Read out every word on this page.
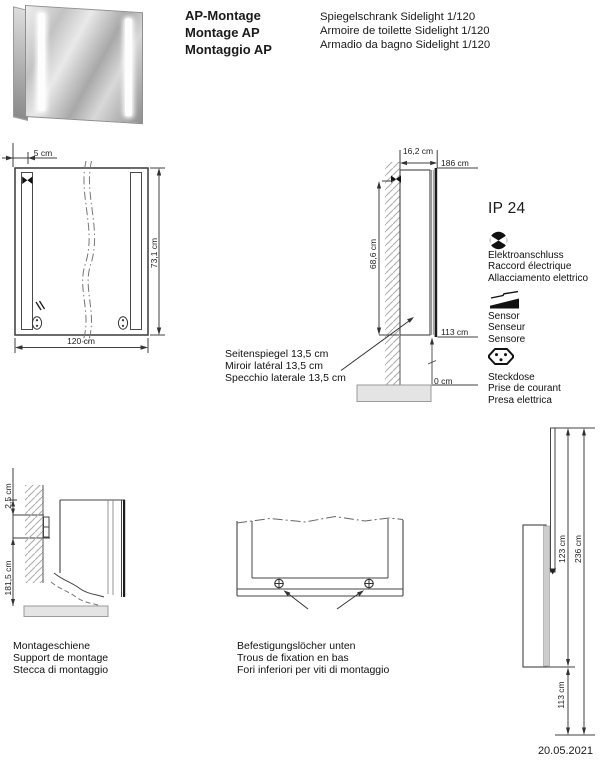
AP-Montage
Montage AP
Montaggio AP
Spiegelschrank Sidelight 1/120
Armoire de toilette Sidelight 1/120
Armadio da bagno Sidelight 1/120
5 cm
73,1 cm
120 cm
16,2 cm
186 cm
68,6 cm
113 cm
0 cm
Seitenspiegel 13,5 cm
Miroir latéral 13,5 cm
Specchio laterale 13,5 cm
IP 24
Elektroanschluss
Raccord électrique
Allacciamento elettrico
Sensor
Senseur
Sensore
Steckdose
Prise de courant
Presa elettrica
2,5 cm
181,5 cm
Montageschiene
Support de montage
Stecca di montaggio
Befestigungslöcher unten
Trous de fixation en bas
Fori inferiori per viti di montaggio
123 cm 236 cm
113 cm
20.05.2021
